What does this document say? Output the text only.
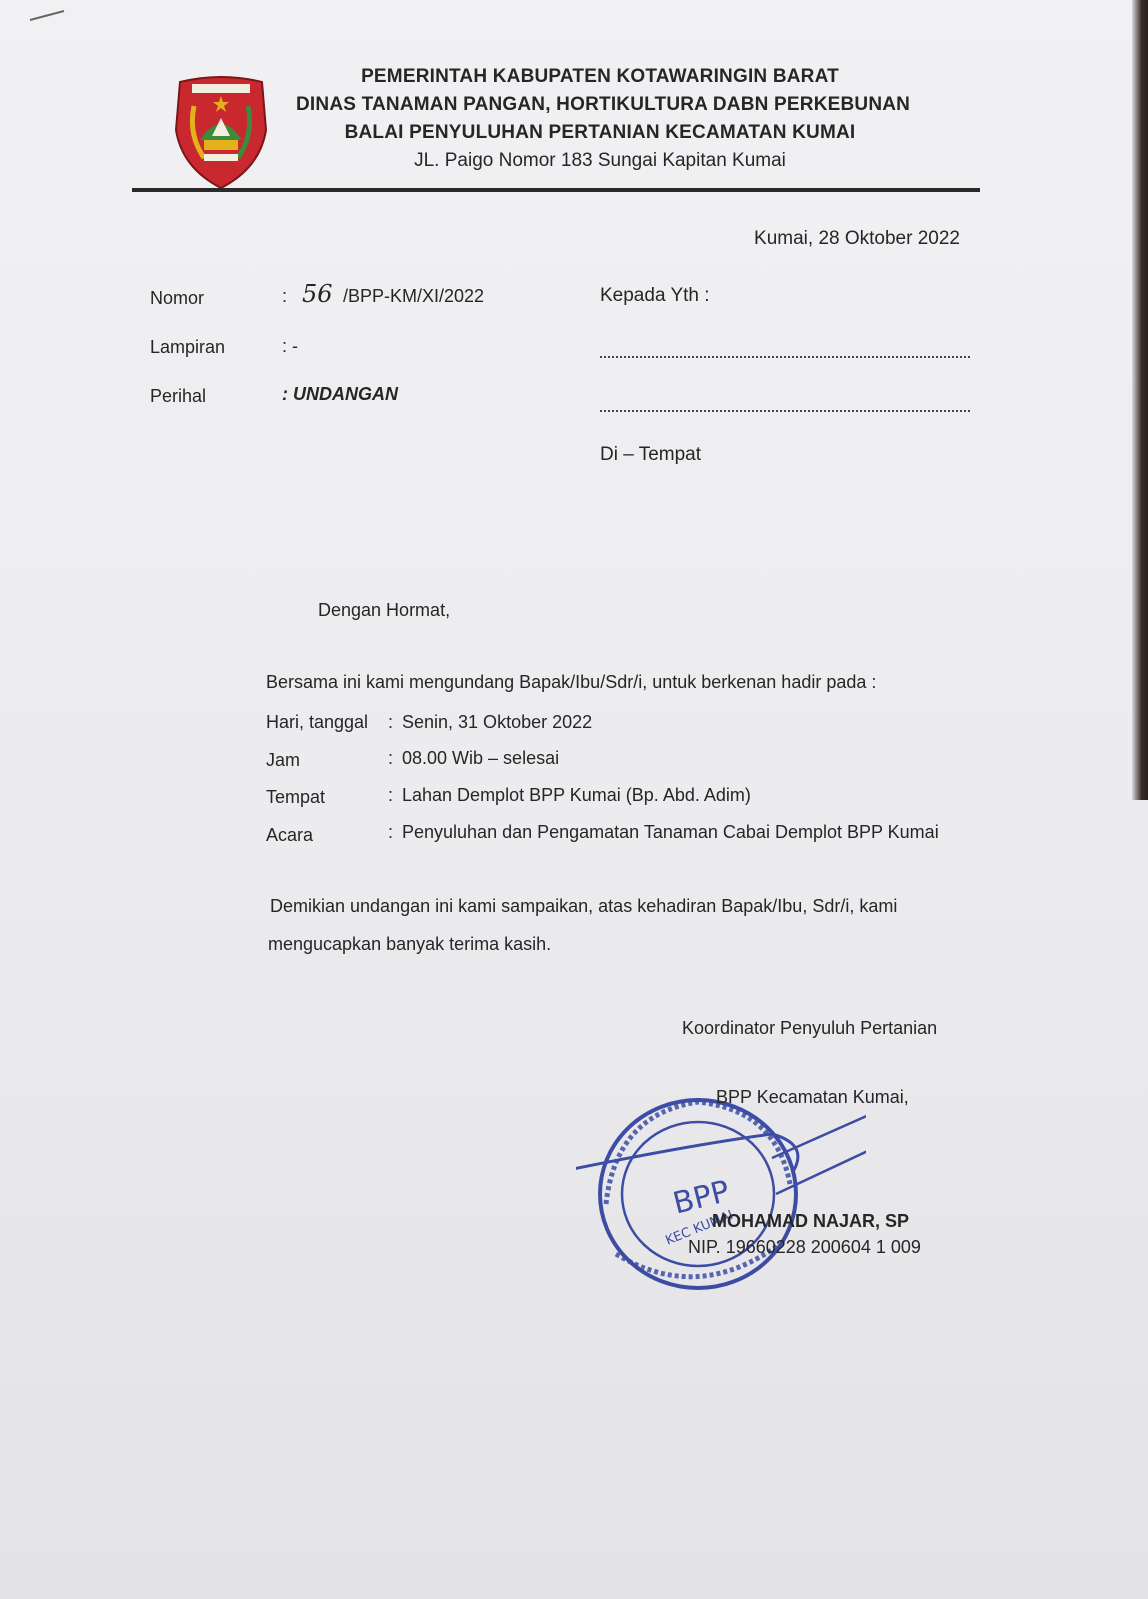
PEMERINTAH KABUPATEN KOTAWARINGIN BARAT
DINAS TANAMAN PANGAN, HORTIKULTURA DABN PERKEBUNAN
BALAI PENYULUHAN PERTANIAN KECAMATAN KUMAI
JL. Paigo Nomor 183 Sungai Kapitan Kumai
Kumai, 28 Oktober 2022
Nomor	: 56 /BPP-KM/XI/2022
Lampiran	: -
Perihal	: UNDANGAN
Kepada Yth :
Di – Tempat
Dengan Hormat,
Bersama ini kami mengundang Bapak/Ibu/Sdr/i, untuk berkenan hadir pada :
Hari, tanggal : Senin, 31 Oktober 2022
Jam	: 08.00 Wib – selesai
Tempat	: Lahan Demplot BPP Kumai (Bp. Abd. Adim)
Acara	: Penyuluhan dan Pengamatan Tanaman Cabai Demplot BPP Kumai
Demikian undangan ini kami sampaikan, atas kehadiran Bapak/Ibu, Sdr/i, kami
mengucapkan banyak terima kasih.
Koordinator Penyuluh Pertanian
BPP
KEC KUMAI
BPP Kecamatan Kumai,
MOHAMAD NAJAR, SP
NIP. 19660228 200604 1 009
